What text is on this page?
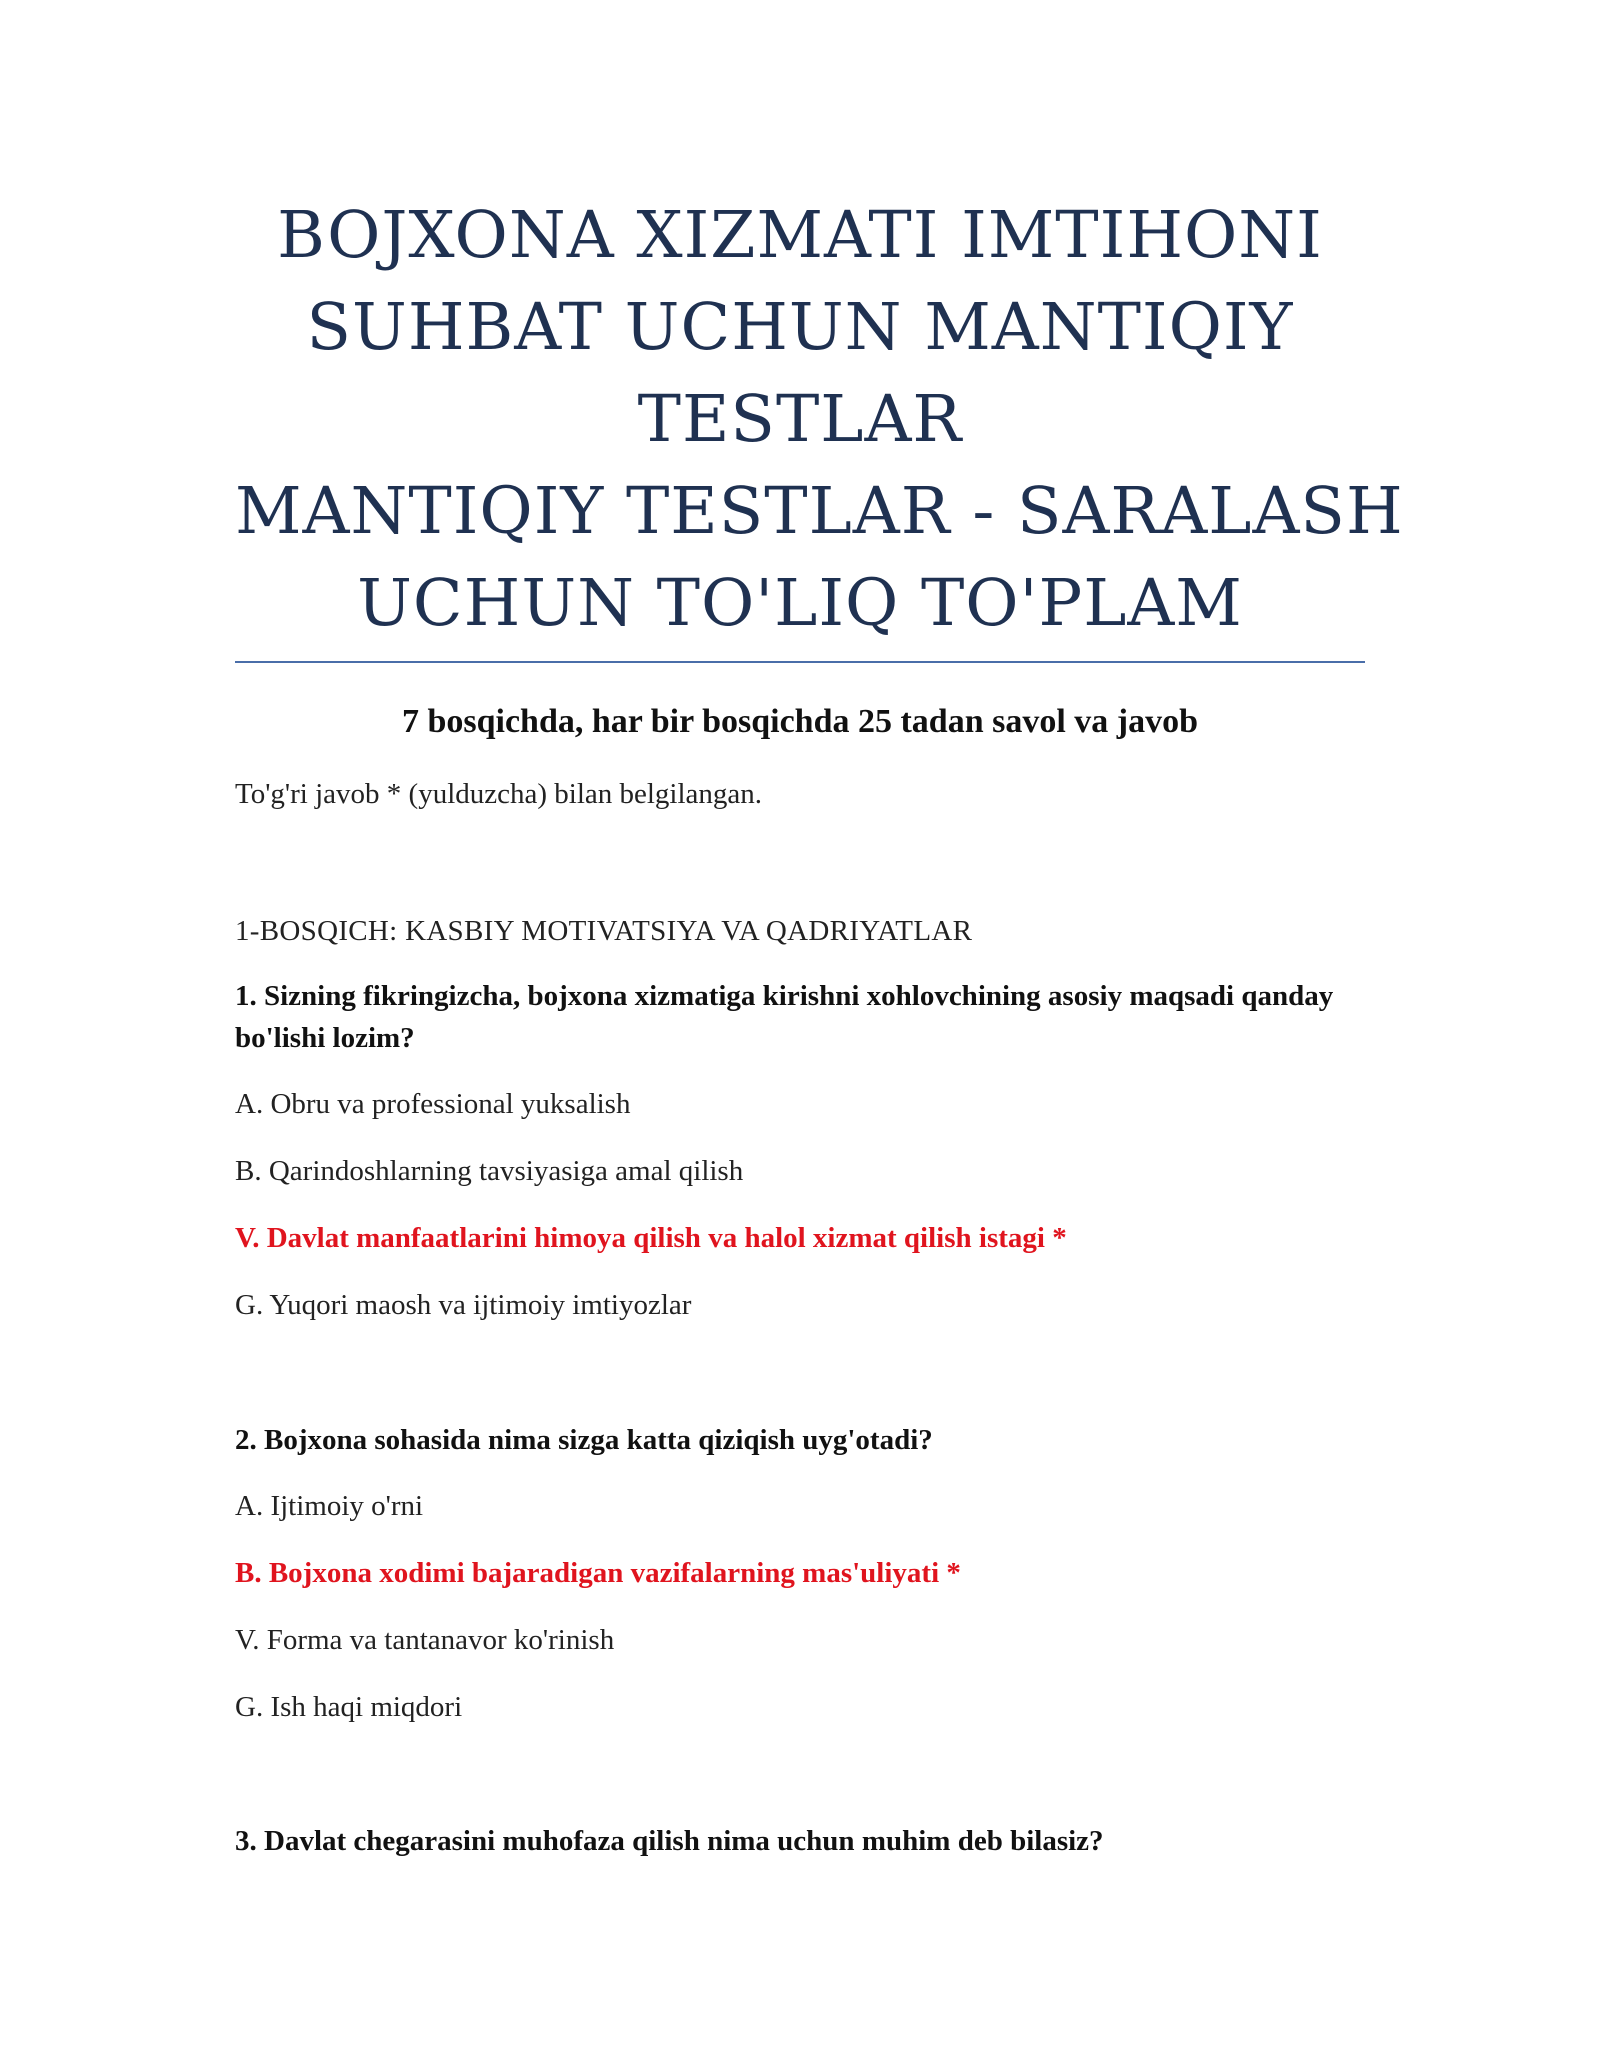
BOJXONA XIZMATI IMTIHONI
SUHBAT UCHUN MANTIQIY
TESTLAR
MANTIQIY TESTLAR - SARALASH
UCHUN TO'LIQ TO'PLAM
7 bosqichda, har bir bosqichda 25 tadan savol va javob
To'g'ri javob * (yulduzcha) bilan belgilangan.
1-BOSQICH: KASBIY MOTIVATSIYA VA QADRIYATLAR
1. Sizning fikringizcha, bojxona xizmatiga kirishni xohlovchining asosiy maqsadi qanday bo'lishi lozim?
A. Obru va professional yuksalish
B. Qarindoshlarning tavsiyasiga amal qilish
V. Davlat manfaatlarini himoya qilish va halol xizmat qilish istagi *
G. Yuqori maosh va ijtimoiy imtiyozlar
2. Bojxona sohasida nima sizga katta qiziqish uyg'otadi?
A. Ijtimoiy o'rni
B. Bojxona xodimi bajaradigan vazifalarning mas'uliyati *
V. Forma va tantanavor ko'rinish
G. Ish haqi miqdori
3. Davlat chegarasini muhofaza qilish nima uchun muhim deb bilasiz?
